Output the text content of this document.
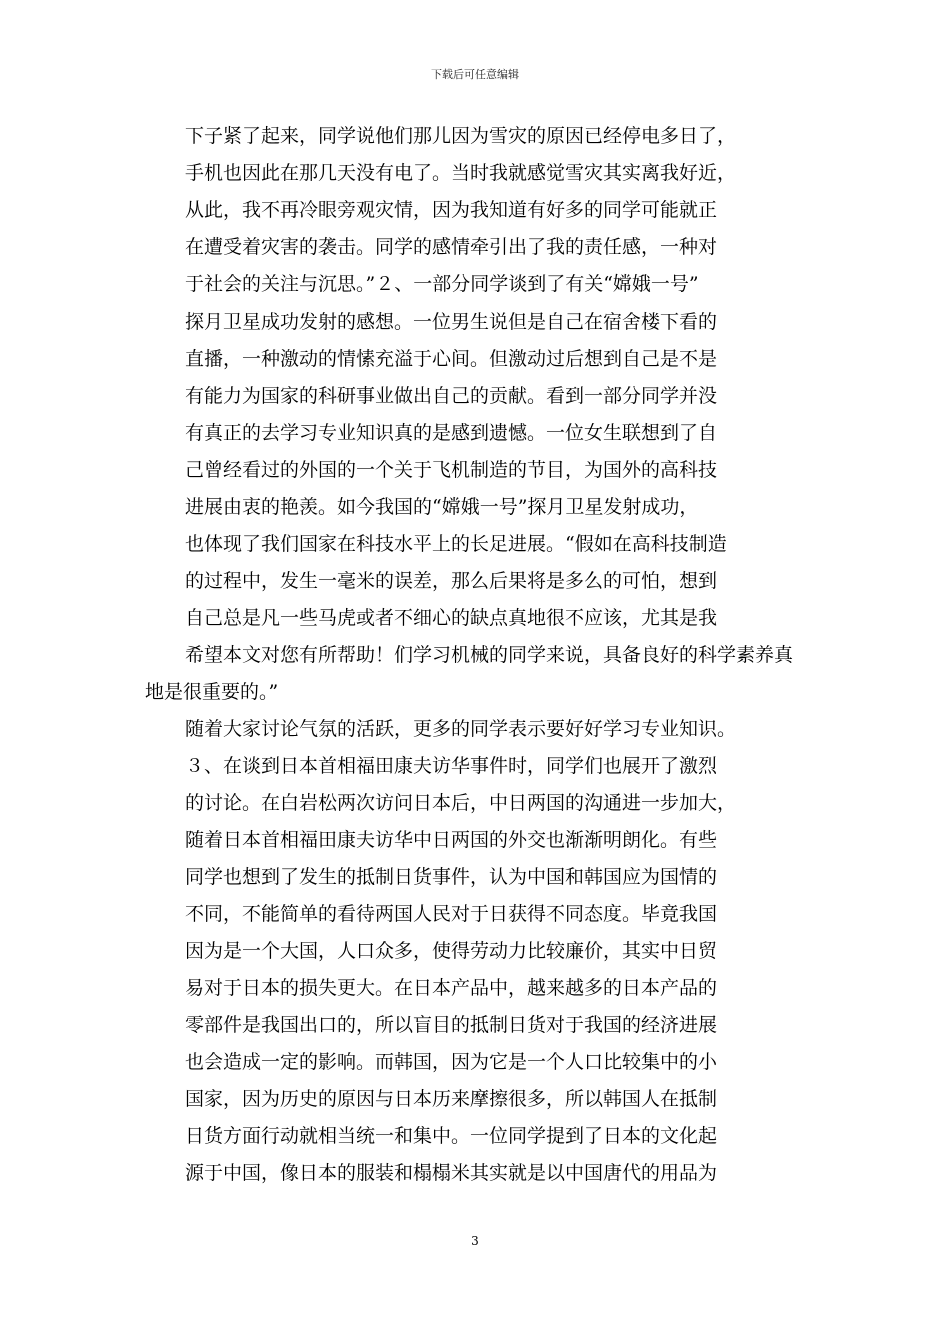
下载后可任意编辑
下子紧了起来，同学说他们那儿因为雪灾的原因已经停电多日了，
手机也因此在那几天没有电了。当时我就感觉雪灾其实离我好近，
从此，我不再冷眼旁观灾情，因为我知道有好多的同学可能就正
在遭受着灾害的袭击。同学的感情牵引出了我的责任感，一种对
于社会的关注与沉思。”２、一部分同学谈到了有关“嫦娥一号”
探月卫星成功发射的感想。一位男生说但是自己在宿舍楼下看的
直播，一种激动的情愫充溢于心间。但激动过后想到自己是不是
有能力为国家的科研事业做出自己的贡献。看到一部分同学并没
有真正的去学习专业知识真的是感到遗憾。一位女生联想到了自
己曾经看过的外国的一个关于飞机制造的节目，为国外的高科技
进展由衷的艳羡。如今我国的“嫦娥一号”探月卫星发射成功，
也体现了我们国家在科技水平上的长足进展。“假如在高科技制造
的过程中，发生一毫米的误差，那么后果将是多么的可怕，想到
自己总是凡一些马虎或者不细心的缺点真地很不应该，尤其是我
希望本文对您有所帮助！们学习机械的同学来说，具备良好的科学素养真
地是很重要的。”
随着大家讨论气氛的活跃，更多的同学表示要好好学习专业知识。
３、在谈到日本首相福田康夫访华事件时，同学们也展开了激烈
的讨论。在白岩松两次访问日本后，中日两国的沟通进一步加大，
随着日本首相福田康夫访华中日两国的外交也渐渐明朗化。有些
同学也想到了发生的抵制日货事件，认为中国和韩国应为国情的
不同，不能简单的看待两国人民对于日获得不同态度。毕竟我国
因为是一个大国，人口众多，使得劳动力比较廉价，其实中日贸
易对于日本的损失更大。在日本产品中，越来越多的日本产品的
零部件是我国出口的，所以盲目的抵制日货对于我国的经济进展
也会造成一定的影响。而韩国，因为它是一个人口比较集中的小
国家，因为历史的原因与日本历来摩擦很多，所以韩国人在抵制
日货方面行动就相当统一和集中。一位同学提到了日本的文化起
源于中国，像日本的服装和榻榻米其实就是以中国唐代的用品为
3
